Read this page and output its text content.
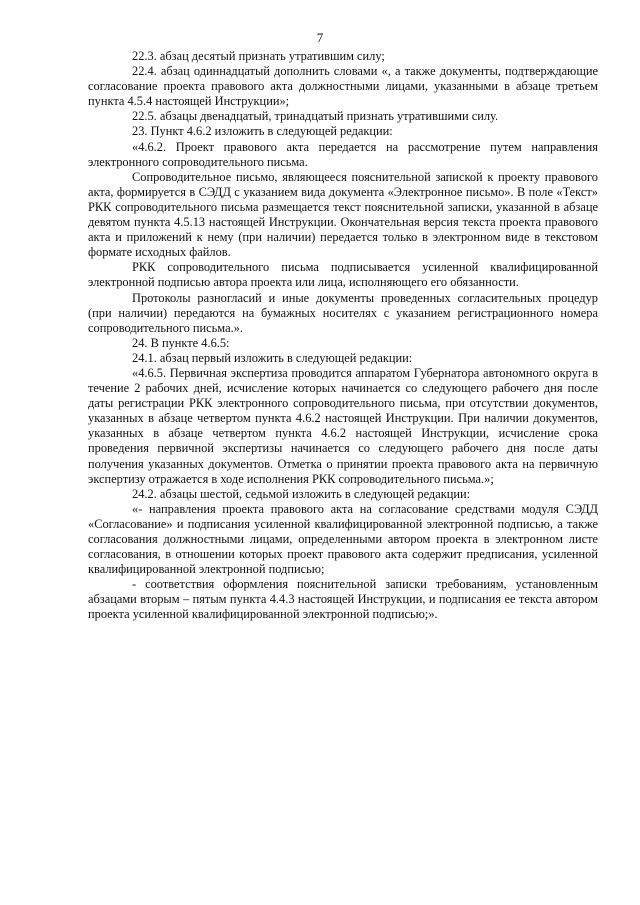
7

22.3. абзац десятый признать утратившим силу;

22.4. абзац одиннадцатый дополнить словами «, а также документы, подтверждающие согласование проекта правового акта должностными лицами, указанными в абзаце третьем пункта 4.5.4 настоящей Инструкции»;

22.5. абзацы двенадцатый, тринадцатый признать утратившими силу.

23. Пункт 4.6.2 изложить в следующей редакции:

«4.6.2. Проект правового акта передается на рассмотрение путем направления электронного сопроводительного письма.

Сопроводительное письмо, являющееся пояснительной запиской к проекту правового акта, формируется в СЭДД с указанием вида документа «Электронное письмо». В поле «Текст» РКК сопроводительного письма размещается текст пояснительной записки, указанной в абзаце девятом пункта 4.5.13 настоящей Инструкции. Окончательная версия текста проекта правового акта и приложений к нему (при наличии) передается только в электронном виде в текстовом формате исходных файлов.

РКК сопроводительного письма подписывается усиленной квалифицированной электронной подписью автора проекта или лица, исполняющего его обязанности.

Протоколы разногласий и иные документы проведенных согласительных процедур (при наличии) передаются на бумажных носителях с указанием регистрационного номера сопроводительного письма.».

24. В пункте 4.6.5:

24.1. абзац первый изложить в следующей редакции:

«4.6.5. Первичная экспертиза проводится аппаратом Губернатора автономного округа в течение 2 рабочих дней, исчисление которых начинается со следующего рабочего дня после даты регистрации РКК электронного сопроводительного письма, при отсутствии документов, указанных в абзаце четвертом пункта 4.6.2 настоящей Инструкции. При наличии документов, указанных в абзаце четвертом пункта 4.6.2 настоящей Инструкции, исчисление срока проведения первичной экспертизы начинается со следующего рабочего дня после даты получения указанных документов. Отметка о принятии проекта правового акта на первичную экспертизу отражается в ходе исполнения РКК сопроводительного письма.»;

24.2. абзацы шестой, седьмой изложить в следующей редакции:

«- направления проекта правового акта на согласование средствами модуля СЭДД «Согласование» и подписания усиленной квалифицированной электронной подписью, а также согласования должностными лицами, определенными автором проекта в электронном листе согласования, в отношении которых проект правового акта содержит предписания, усиленной квалифицированной электронной подписью;

- соответствия оформления пояснительной записки требованиям, установленным абзацами вторым – пятым пункта 4.4.3 настоящей Инструкции, и подписания ее текста автором проекта усиленной квалифицированной электронной подписью;».
